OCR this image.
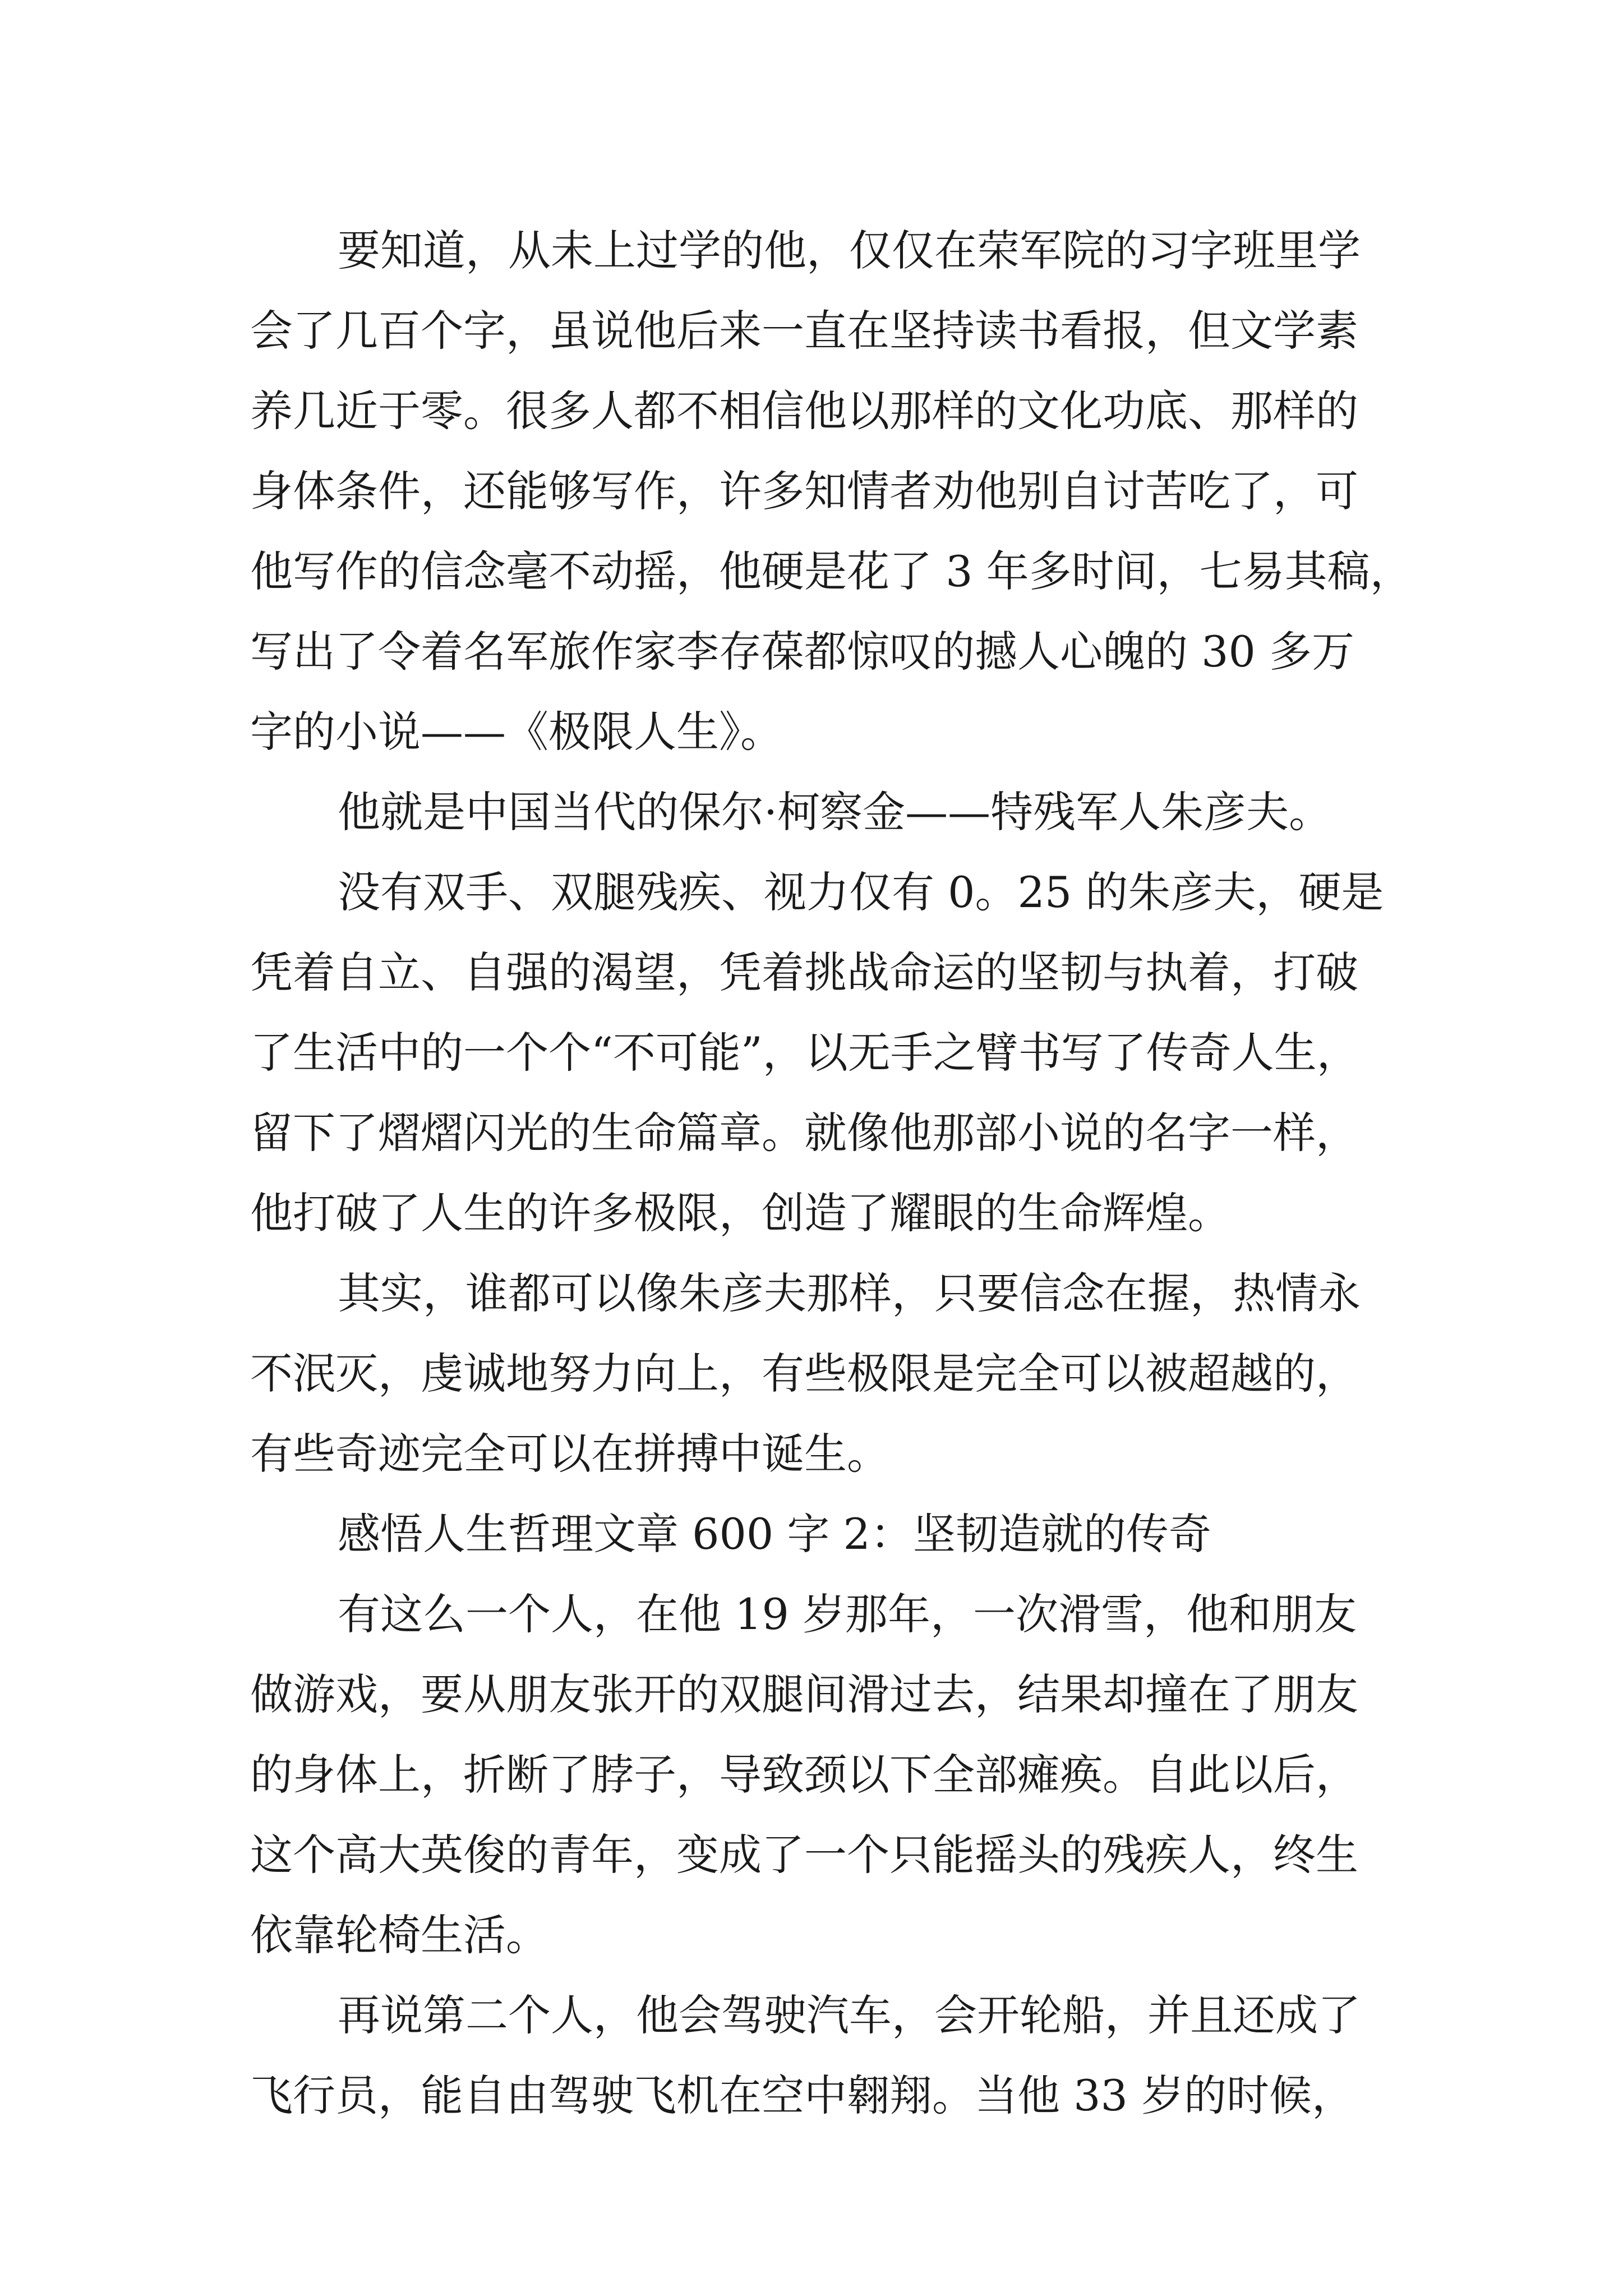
要知道，从未上过学的他，仅仅在荣军院的习字班里学

会了几百个字，虽说他后来一直在坚持读书看报，但文学素

养几近于零。很多人都不相信他以那样的文化功底、那样的

身体条件，还能够写作，许多知情者劝他别自讨苦吃了，可

他写作的信念毫不动摇，他硬是花了 3 年多时间，七易其稿，

写出了令着名军旅作家李存葆都惊叹的撼人心魄的 30 多万

字的小说——《极限人生》。

他就是中国当代的保尔·柯察金——特残军人朱彦夫。

没有双手、双腿残疾、视力仅有 0。25 的朱彦夫，硬是

凭着自立、自强的渴望，凭着挑战命运的坚韧与执着，打破

了生活中的一个个“不可能”，以无手之臂书写了传奇人生，

留下了熠熠闪光的生命篇章。就像他那部小说的名字一样，

他打破了人生的许多极限，创造了耀眼的生命辉煌。

其实，谁都可以像朱彦夫那样，只要信念在握，热情永

不泯灭，虔诚地努力向上，有些极限是完全可以被超越的，

有些奇迹完全可以在拼搏中诞生。

感悟人生哲理文章 600 字 2：坚韧造就的传奇

有这么一个人，在他 19 岁那年，一次滑雪，他和朋友

做游戏，要从朋友张开的双腿间滑过去，结果却撞在了朋友

的身体上，折断了脖子，导致颈以下全部瘫痪。自此以后，

这个高大英俊的青年，变成了一个只能摇头的残疾人，终生

依靠轮椅生活。

再说第二个人，他会驾驶汽车，会开轮船，并且还成了

飞行员，能自由驾驶飞机在空中翱翔。当他 33 岁的时候，
